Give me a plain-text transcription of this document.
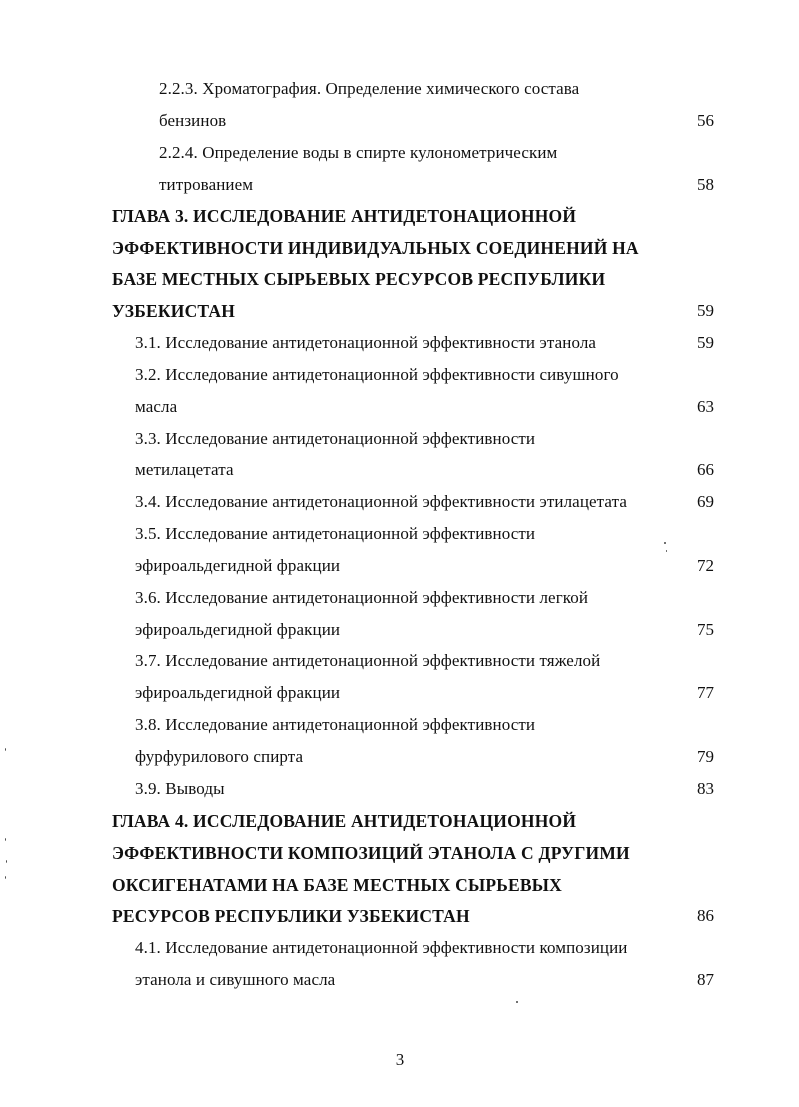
2.2.3. Хроматография. Определение химического состава
бензинов	56
2.2.4. Определение воды в спирте кулонометрическим
титрованием	58
ГЛАВА 3. ИССЛЕДОВАНИЕ АНТИДЕТОНАЦИОННОЙ
ЭФФЕКТИВНОСТИ ИНДИВИДУАЛЬНЫХ СОЕДИНЕНИЙ НА
БАЗЕ МЕСТНЫХ СЫРЬЕВЫХ РЕСУРСОВ РЕСПУБЛИКИ
УЗБЕКИСТАН	59
3.1. Исследование антидетонационной эффективности этанола	59
3.2. Исследование антидетонационной эффективности сивушного
масла	63
3.3. Исследование антидетонационной эффективности
метилацетата	66
3.4. Исследование антидетонационной эффективности этилацетата	69
3.5. Исследование антидетонационной эффективности
эфироальдегидной фракции	72
3.6. Исследование антидетонационной эффективности легкой
эфироальдегидной фракции	75
3.7. Исследование антидетонационной эффективности тяжелой
эфироальдегидной фракции	77
3.8. Исследование антидетонационной эффективности
фурфурилового спирта	79
3.9. Выводы	83
ГЛАВА 4. ИССЛЕДОВАНИЕ АНТИДЕТОНАЦИОННОЙ
ЭФФЕКТИВНОСТИ КОМПОЗИЦИЙ ЭТАНОЛА С ДРУГИМИ
ОКСИГЕНАТАМИ НА БАЗЕ МЕСТНЫХ СЫРЬЕВЫХ
РЕСУРСОВ РЕСПУБЛИКИ УЗБЕКИСТАН	86
4.1. Исследование антидетонационной эффективности композиции
этанола и сивушного масла	87
3
